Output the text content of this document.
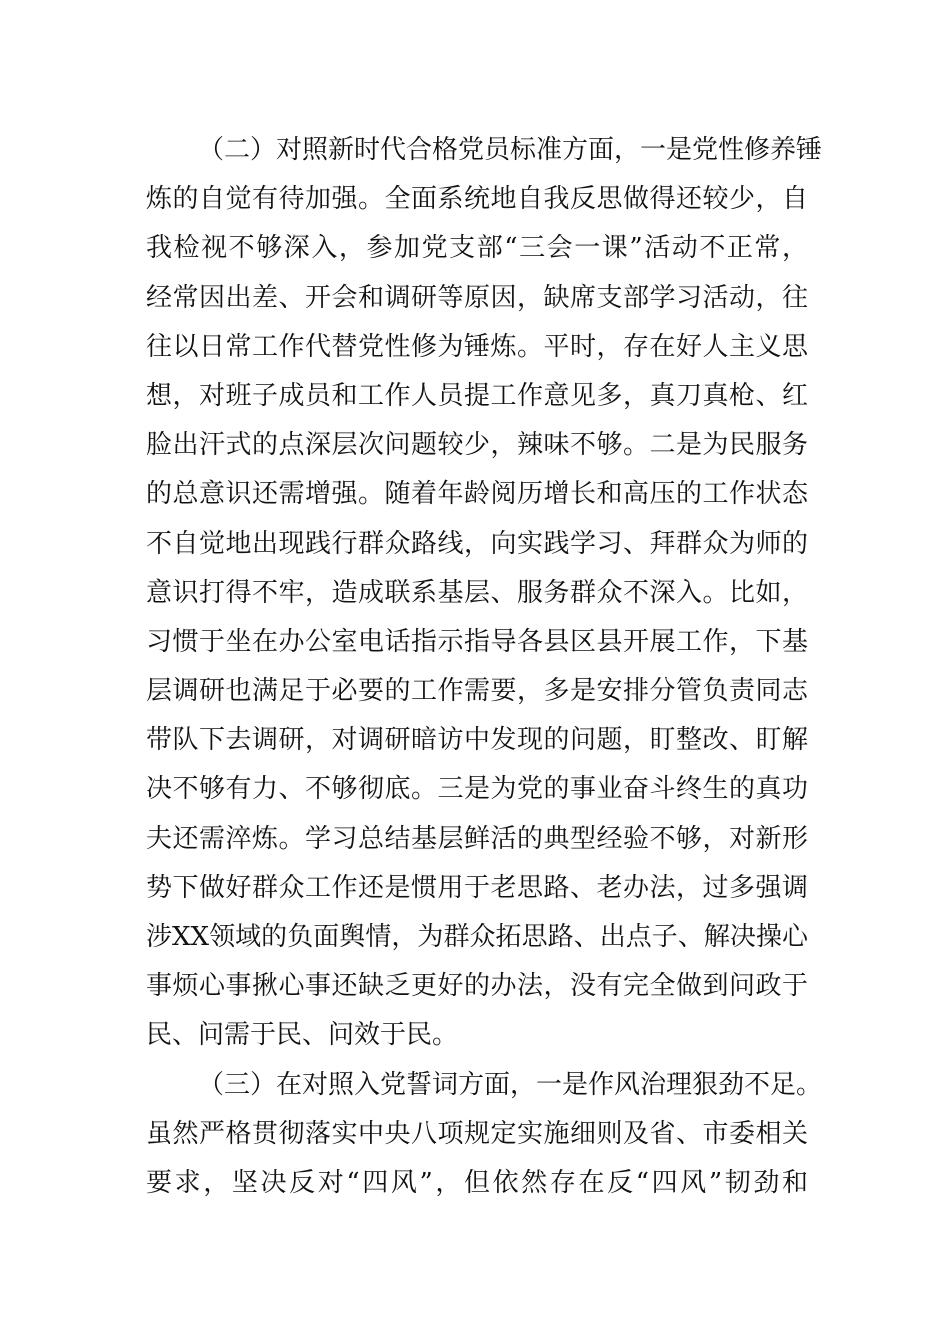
（二）对照新时代合格党员标准方面，一是党性修养锤
炼的自觉有待加强。全面系统地自我反思做得还较少，自
我检视不够深入，参加党支部“三会一课”活动不正常，
经常因出差、开会和调研等原因，缺席支部学习活动，往
往以日常工作代替党性修为锤炼。平时，存在好人主义思
想，对班子成员和工作人员提工作意见多，真刀真枪、红
脸出汗式的点深层次问题较少，辣味不够。二是为民服务
的总意识还需增强。随着年龄阅历增长和高压的工作状态
不自觉地出现践行群众路线，向实践学习、拜群众为师的
意识打得不牢，造成联系基层、服务群众不深入。比如，
习惯于坐在办公室电话指示指导各县区县开展工作，下基
层调研也满足于必要的工作需要，多是安排分管负责同志
带队下去调研，对调研暗访中发现的问题，盯整改、盯解
决不够有力、不够彻底。三是为党的事业奋斗终生的真功
夫还需淬炼。学习总结基层鲜活的典型经验不够，对新形
势下做好群众工作还是惯用于老思路、老办法，过多强调
涉XX领域的负面舆情，为群众拓思路、出点子、解决操心
事烦心事揪心事还缺乏更好的办法，没有完全做到问政于
民、问需于民、问效于民。
（三）在对照入党誓词方面，一是作风治理狠劲不足。
虽然严格贯彻落实中央八项规定实施细则及省、市委相关
要求，坚决反对“四风”，但依然存在反“四风”韧劲和
